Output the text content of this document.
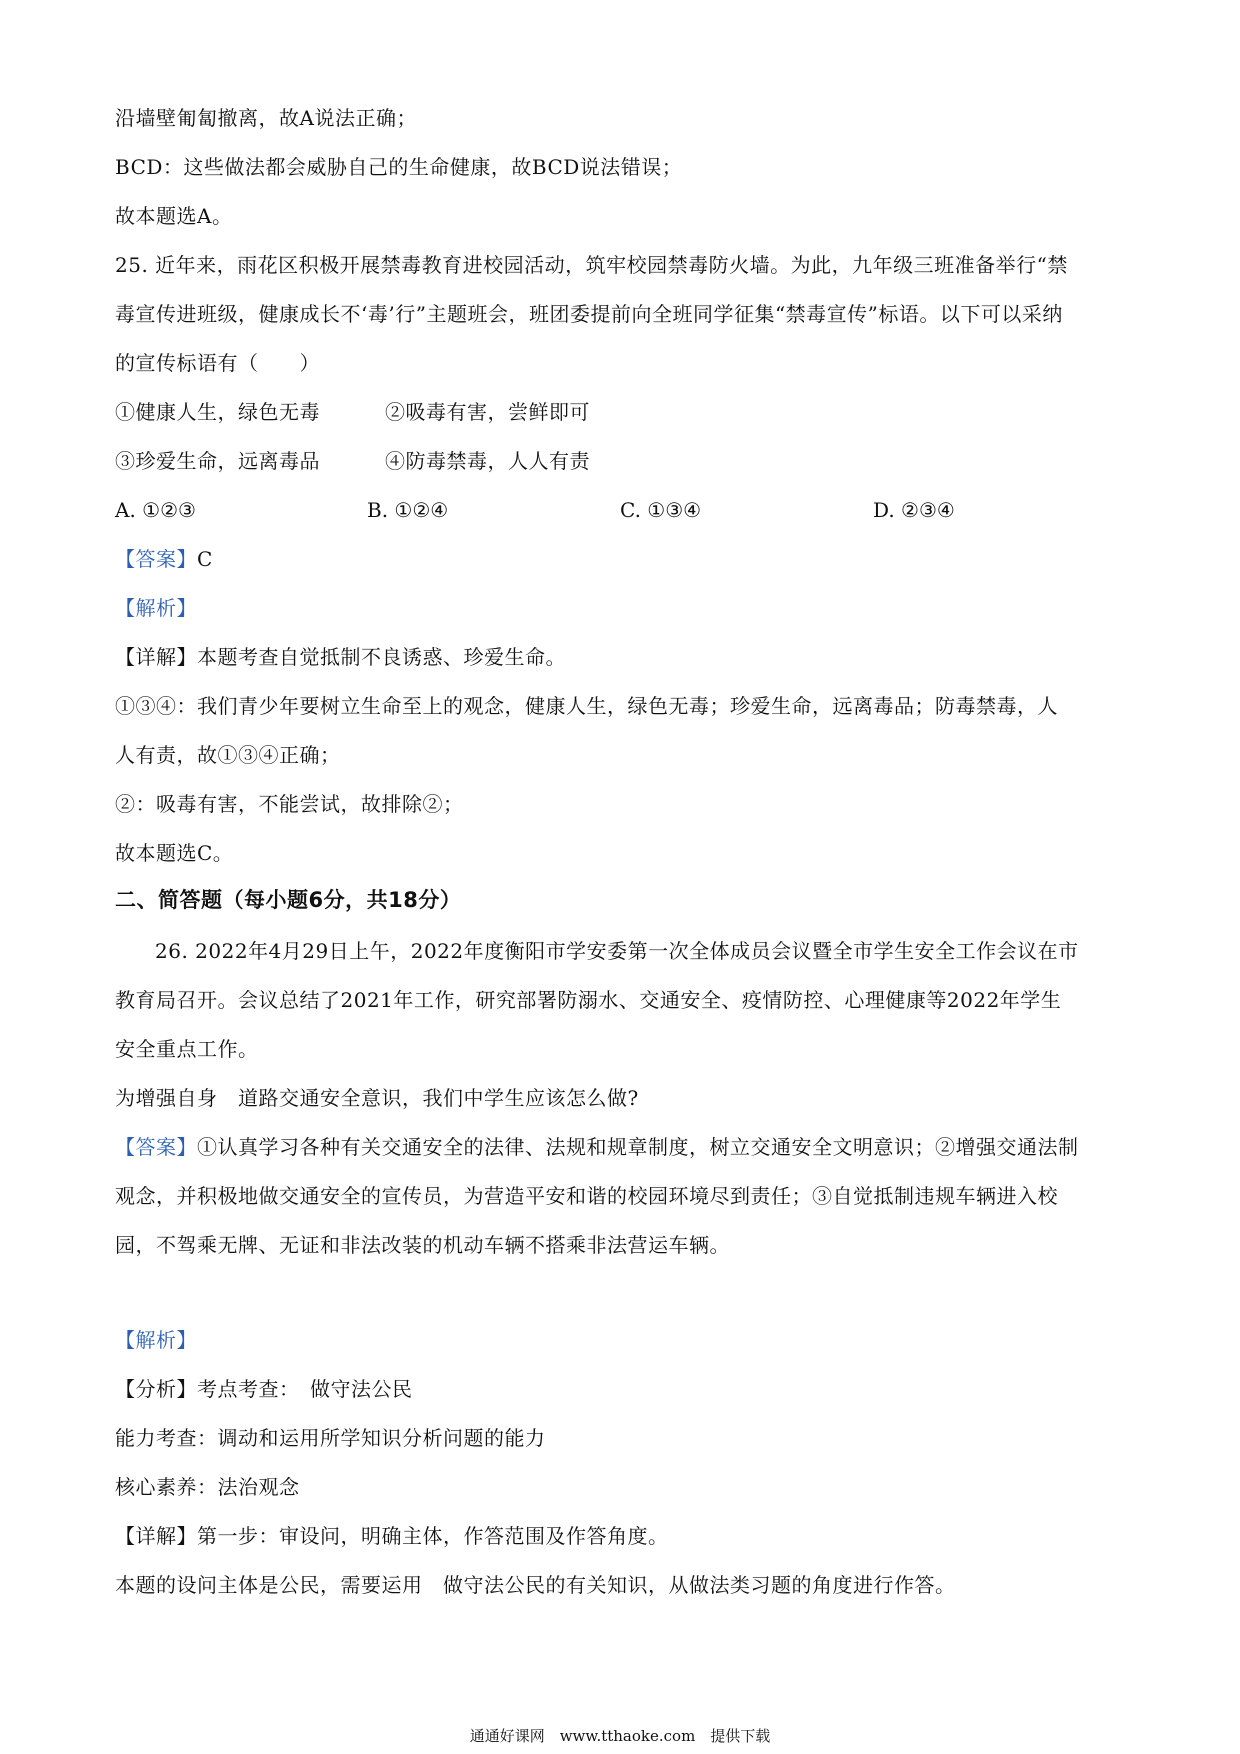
沿墙壁匍匐撤离，故A说法正确；
BCD：这些做法都会威胁自己的生命健康，故BCD说法错误；
故本题选A。
25. 近年来，雨花区积极开展禁毒教育进校园活动，筑牢校园禁毒防火墙。为此，九年级三班准备举行“禁
毒宣传进班级，健康成长不‘毒’行”主题班会，班团委提前向全班同学征集“禁毒宣传”标语。以下可以采纳
的宣传标语有（　　）
①健康人生，绿色无毒	②吸毒有害，尝鲜即可
③珍爱生命，远离毒品	④防毒禁毒，人人有责
A. ①②③	B. ①②④	C. ①③④	D. ②③④
【答案】C
【解析】
【详解】本题考查自觉抵制不良诱惑、珍爱生命。
①③④：我们青少年要树立生命至上的观念，健康人生，绿色无毒；珍爱生命，远离毒品；防毒禁毒，人
人有责，故①③④正确；
②：吸毒有害，不能尝试，故排除②；
故本题选C。
二、简答题（每小题6分，共18分）
26. 2022年4月29日上午，2022年度衡阳市学安委第一次全体成员会议暨全市学生安全工作会议在市
教育局召开。会议总结了2021年工作，研究部署防溺水、交通安全、疫情防控、心理健康等2022年学生
安全重点工作。
为增强自身　道路交通安全意识，我们中学生应该怎么做?
【答案】①认真学习各种有关交通安全的法律、法规和规章制度，树立交通安全文明意识；②增强交通法制
观念，并积极地做交通安全的宣传员，为营造平安和谐的校园环境尽到责任；③自觉抵制违规车辆进入校
园，不驾乘无牌、无证和非法改装的机动车辆不搭乘非法营运车辆。
【解析】
【分析】考点考查：　做守法公民
能力考查：调动和运用所学知识分析问题的能力
核心素养：法治观念
【详解】第一步：审设问，明确主体，作答范围及作答角度。
本题的设问主体是公民，需要运用　做守法公民的有关知识，从做法类习题的角度进行作答。
通通好课网　www.tthaoke.com　提供下载
